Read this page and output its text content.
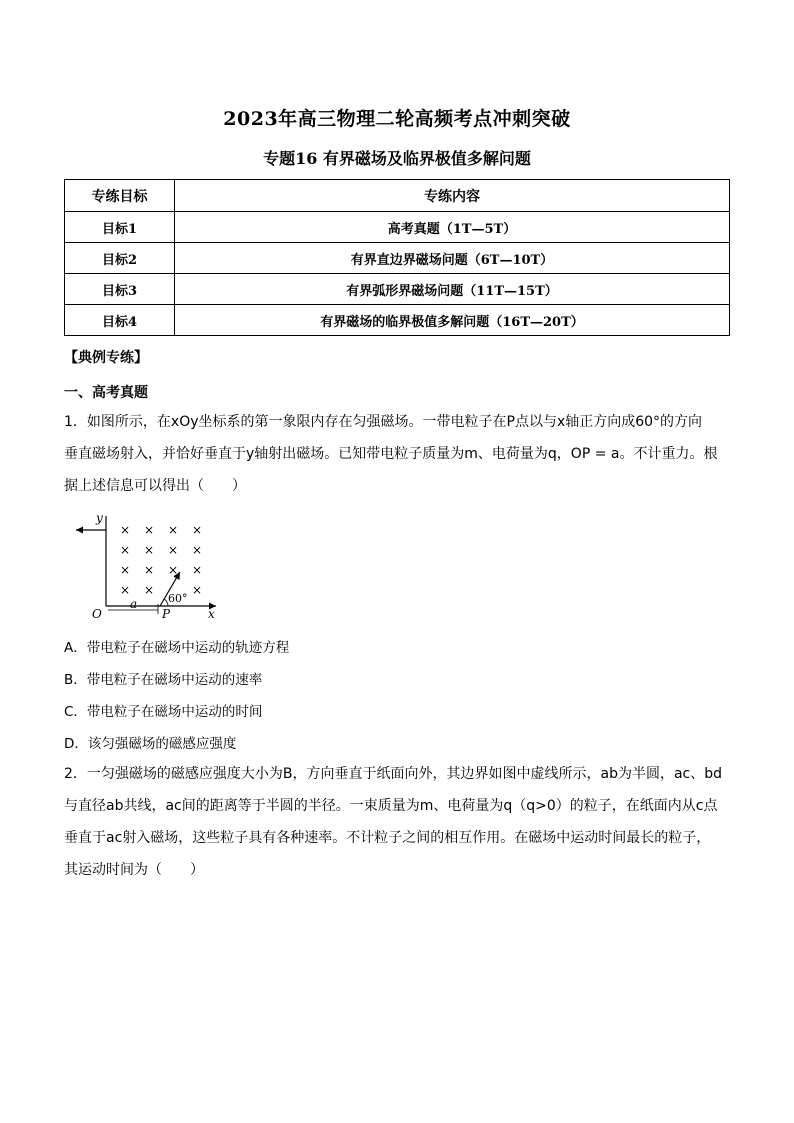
2023年高三物理二轮高频考点冲刺突破
专题16 有界磁场及临界极值多解问题
专练目标	专练内容
目标1	高考真题（1T—5T）
目标2	有界直边界磁场问题（6T—10T）
目标3	有界弧形界磁场问题（11T—15T）
目标4	有界磁场的临界极值多解问题（16T—20T）
【典例专练】
一、高考真题
1．如图所示，在xOy坐标系的第一象限内存在匀强磁场。一带电粒子在P点以与x轴正方向成60°的方向
垂直磁场射入，并恰好垂直于y轴射出磁场。已知带电粒子质量为m、电荷量为q，OP = a。不计重力。根
据上述信息可以得出（　　）
y
x
O	P
a	60°
× × × ×
× × × ×
× × × ×
× ×	×
A．带电粒子在磁场中运动的轨迹方程
B．带电粒子在磁场中运动的速率
C．带电粒子在磁场中运动的时间
D．该匀强磁场的磁感应强度
2．一匀强磁场的磁感应强度大小为B，方向垂直于纸面向外，其边界如图中虚线所示，ab为半圆，ac、bd
与直径ab共线，ac间的距离等于半圆的半径。一束质量为m、电荷量为q（q>0）的粒子，在纸面内从c点
垂直于ac射入磁场，这些粒子具有各种速率。不计粒子之间的相互作用。在磁场中运动时间最长的粒子，
其运动时间为（　　）
